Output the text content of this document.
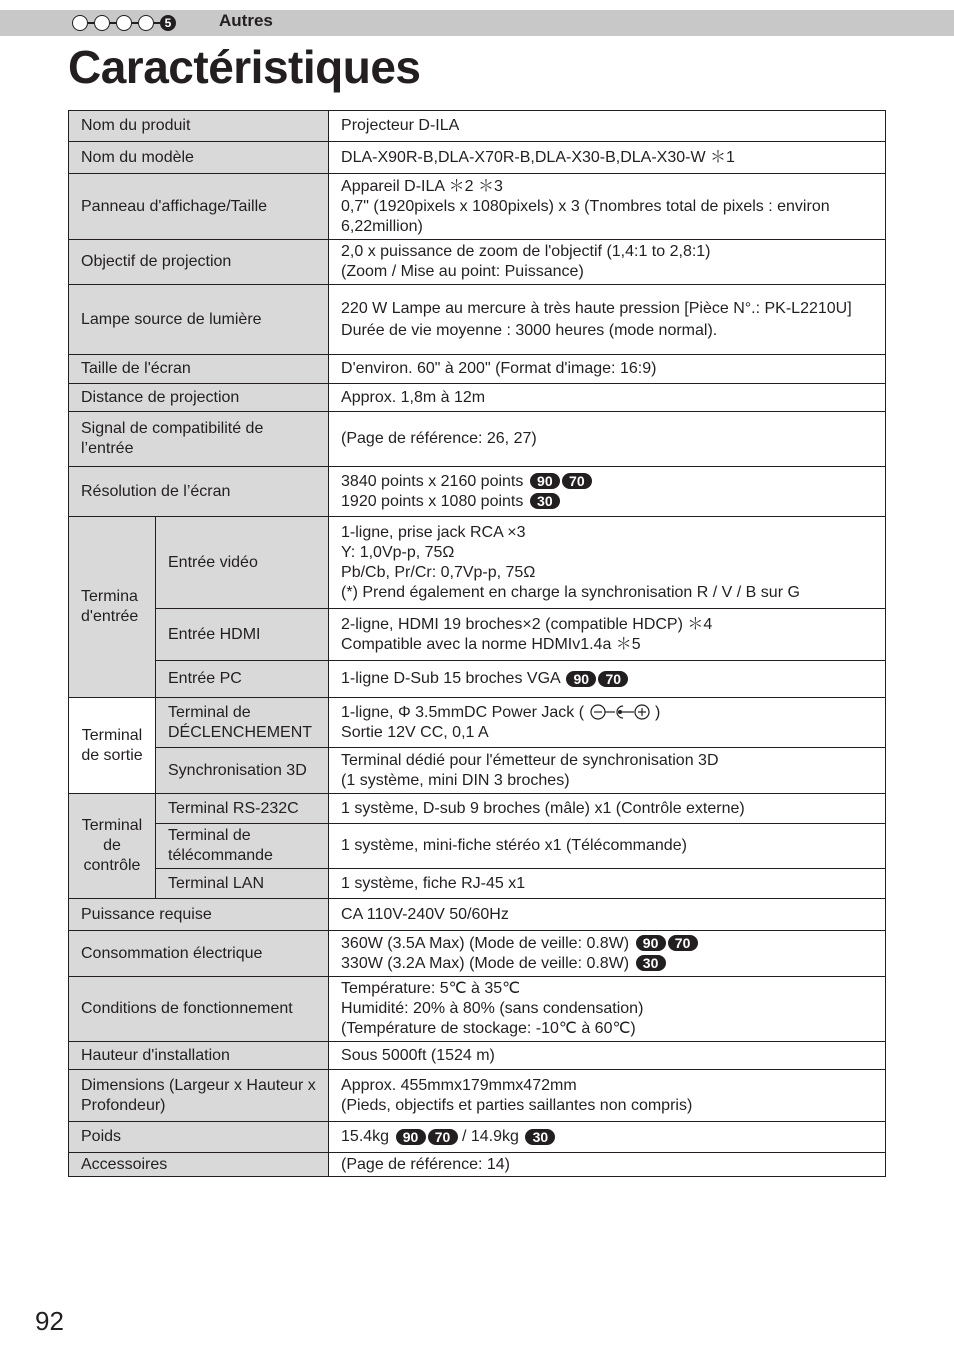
5	Autres
Caractéristiques
Nom du produit		Projecteur D-ILA
Nom du modèle		DLA-X90R-B,DLA-X70R-B,DLA-X30-B,DLA-X30-W ＊1
Panneau d'affichage/Taille		Appareil D-ILA ＊2 ＊3
0,7" (1920pixels x 1080pixels) x 3 (Tnombres total de pixels : environ 6,22million)

Objectif de projection		2,0 x puissance de zoom de l'objectif (1,4:1 to 2,8:1)
(Zoom / Mise au point: Puissance)

Lampe source de lumière		220 W Lampe au mercure à très haute pression [Pièce N°.: PK-L2210U]
Durée de vie moyenne : 3000 heures (mode normal).

Taille de l'écran		D'environ. 60" à 200" (Format d'image: 16:9)
Distance de projection		Approx. 1,8m à 12m
Signal de compatibilité de l’entrée		(Page de référence: 26, 27)
Résolution de l’écran		3840 points x 2160 points 90 70
1920 points x 1080 points 30

Termina d'entrée	Entrée vidéo	1-ligne, prise jack RCA ×3
Y: 1,0Vp-p, 75Ω
Pb/Cb, Pr/Cr: 0,7Vp-p, 75Ω
(*) Prend également en charge la synchronisation R / V / B sur G

	Entrée HDMI	2-ligne, HDMI 19 broches×2 (compatible HDCP) ＊4
Compatible avec la norme HDMIv1.4a ＊5

	Entrée PC	1-ligne D-Sub 15 broches VGA 90 70
Terminal de sortie	Terminal de DÉCLENCHEMENT	1-ligne, Φ 3.5mmDC Power Jack ( )
Sortie 12V CC, 0,1 A

	Synchronisation 3D	Terminal dédié pour l'émetteur de synchronisation 3D
(1 système, mini DIN 3 broches)

Terminal de contrôle	Terminal RS-232C	1 système, D-sub 9 broches (mâle) x1 (Contrôle externe)
	Terminal de télécommande	1 système, mini-fiche stéréo x1 (Télécommande)
	Terminal LAN	1 système, fiche RJ-45 x1
Puissance requise		CA 110V-240V 50/60Hz
Consommation électrique		360W (3.5A Max) (Mode de veille: 0.8W) 90 70
330W (3.2A Max) (Mode de veille: 0.8W) 30

Conditions de fonctionnement		Température: 5℃ à 35℃
Humidité: 20% à 80% (sans condensation)
(Température de stockage: -10℃ à 60℃)

Hauteur d'installation		Sous 5000ft (1524 m)
Dimensions (Largeur x Hauteur x Profondeur)		Approx. 455mmx179mmx472mm
(Pieds, objectifs et parties saillantes non compris)

Poids		15.4kg 90 70 / 14.9kg 30
Accessoires		(Page de référence: 14)
92
